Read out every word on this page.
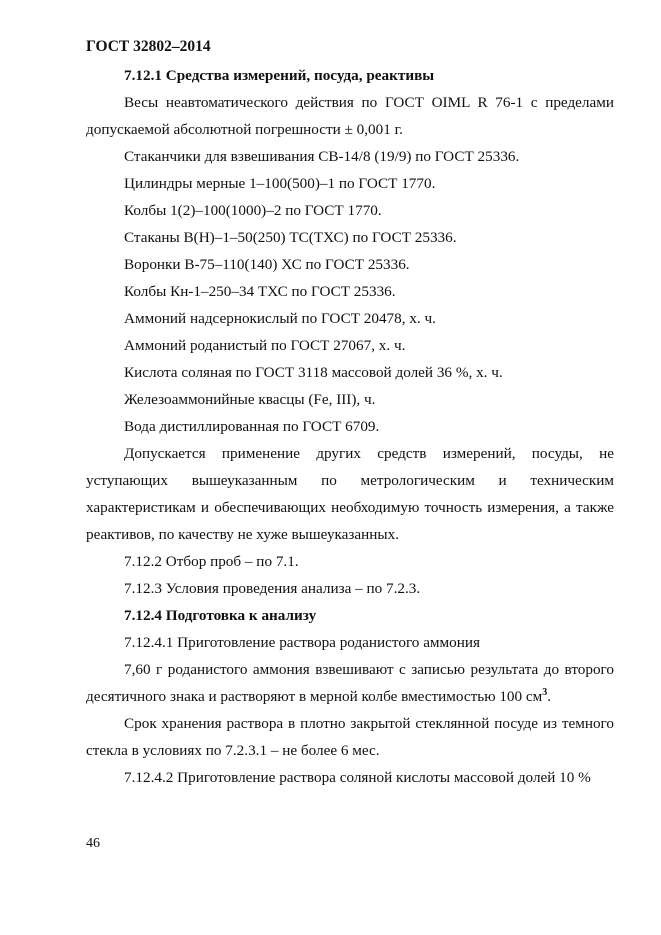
ГОСТ 32802–2014

7.12.1 Средства измерений, посуда, реактивы

Весы неавтоматического действия по ГОСТ OIML R 76-1 с пределами допускаемой абсолютной погрешности ± 0,001 г.

Стаканчики для взвешивания СВ-14/8 (19/9) по ГОСТ 25336.

Цилиндры мерные 1–100(500)–1 по ГОСТ 1770.

Колбы 1(2)–100(1000)–2 по ГОСТ 1770.

Стаканы В(Н)–1–50(250) ТС(ТХС) по ГОСТ 25336.

Воронки В-75–110(140) ХС по ГОСТ 25336.

Колбы Кн-1–250–34 ТХС по ГОСТ 25336.

Аммоний надсернокислый по ГОСТ 20478, х. ч.

Аммоний роданистый по ГОСТ 27067, х. ч.

Кислота соляная по ГОСТ 3118 массовой долей 36 %, х. ч.

Железоаммонийные квасцы (Fe, III), ч.

Вода дистиллированная по ГОСТ 6709.

Допускается применение других средств измерений, посуды, не уступающих вышеуказанным по метрологическим и техническим характеристикам и обеспечивающих необходимую точность измерения, а также реактивов, по качеству не хуже вышеуказанных.

7.12.2 Отбор проб – по 7.1.

7.12.3 Условия проведения анализа – по 7.2.3.

7.12.4 Подготовка к анализу

7.12.4.1 Приготовление раствора роданистого аммония

7,60 г роданистого аммония взвешивают с записью результата до второго десятичного знака и растворяют в мерной колбе вместимостью 100 $см^3$.

Срок хранения раствора в плотно закрытой стеклянной посуде из темного стекла в условиях по 7.2.3.1 – не более 6 мес.

7.12.4.2 Приготовление раствора соляной кислоты массовой долей 10 %

46
